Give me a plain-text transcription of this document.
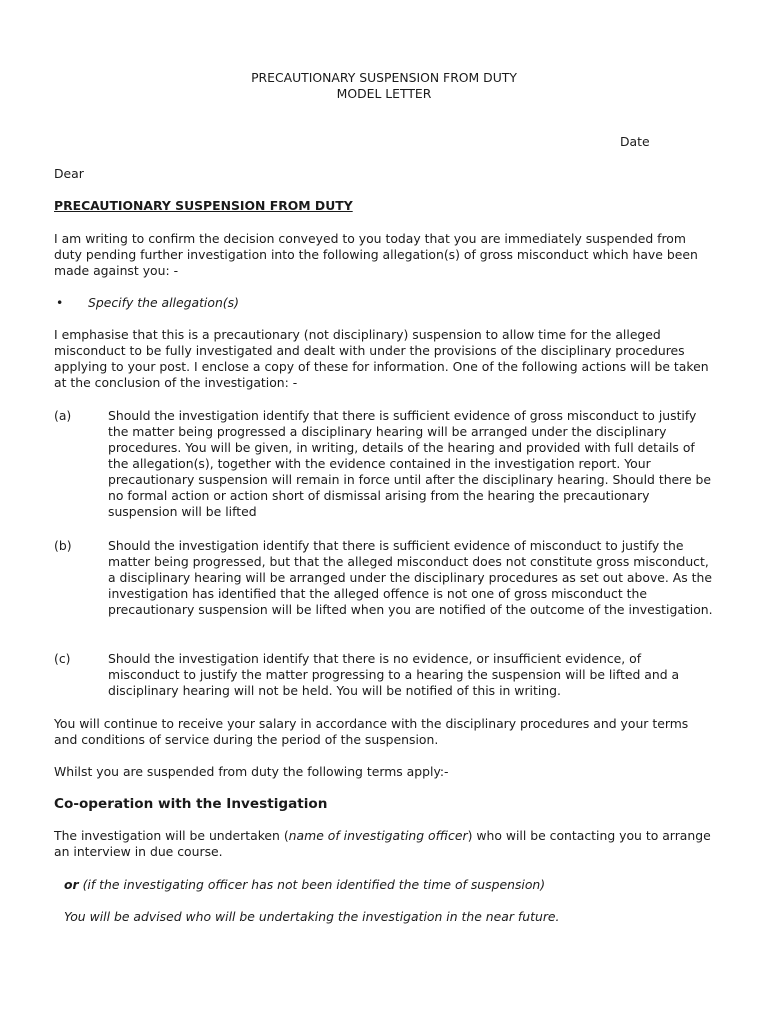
PRECAUTIONARY SUSPENSION FROM DUTY
MODEL LETTER
Date
Dear
PRECAUTIONARY SUSPENSION FROM DUTY
I am writing to confirm the decision conveyed to you today that you are immediately suspended from duty pending further investigation into the following allegation(s) of gross misconduct which have been made against you: -
• Specify the allegation(s)
I emphasise that this is a precautionary (not disciplinary) suspension to allow time for the alleged misconduct to be fully investigated and dealt with under the provisions of the disciplinary procedures applying to your post. I enclose a copy of these for information. One of the following actions will be taken at the conclusion of the investigation: -
(a)	Should the investigation identify that there is sufficient evidence of gross misconduct to justify the matter being progressed a disciplinary hearing will be arranged under the disciplinary procedures. You will be given, in writing, details of the hearing and provided with full details of the allegation(s), together with the evidence contained in the investigation report. Your precautionary suspension will remain in force until after the disciplinary hearing. Should there be no formal action or action short of dismissal arising from the hearing the precautionary suspension will be lifted
(b)	Should the investigation identify that there is sufficient evidence of misconduct to justify the matter being progressed, but that the alleged misconduct does not constitute gross misconduct, a disciplinary hearing will be arranged under the disciplinary procedures as set out above. As the investigation has identified that the alleged offence is not one of gross misconduct the precautionary suspension will be lifted when you are notified of the outcome of the investigation.
(c)	Should the investigation identify that there is no evidence, or insufficient evidence, of misconduct to justify the matter progressing to a hearing the suspension will be lifted and a disciplinary hearing will not be held. You will be notified of this in writing.
You will continue to receive your salary in accordance with the disciplinary procedures and your terms and conditions of service during the period of the suspension.
Whilst you are suspended from duty the following terms apply:-
Co-operation with the Investigation
The investigation will be undertaken (name of investigating officer) who will be contacting you to arrange an interview in due course.
or (if the investigating officer has not been identified the time of suspension)
You will be advised who will be undertaking the investigation in the near future.
